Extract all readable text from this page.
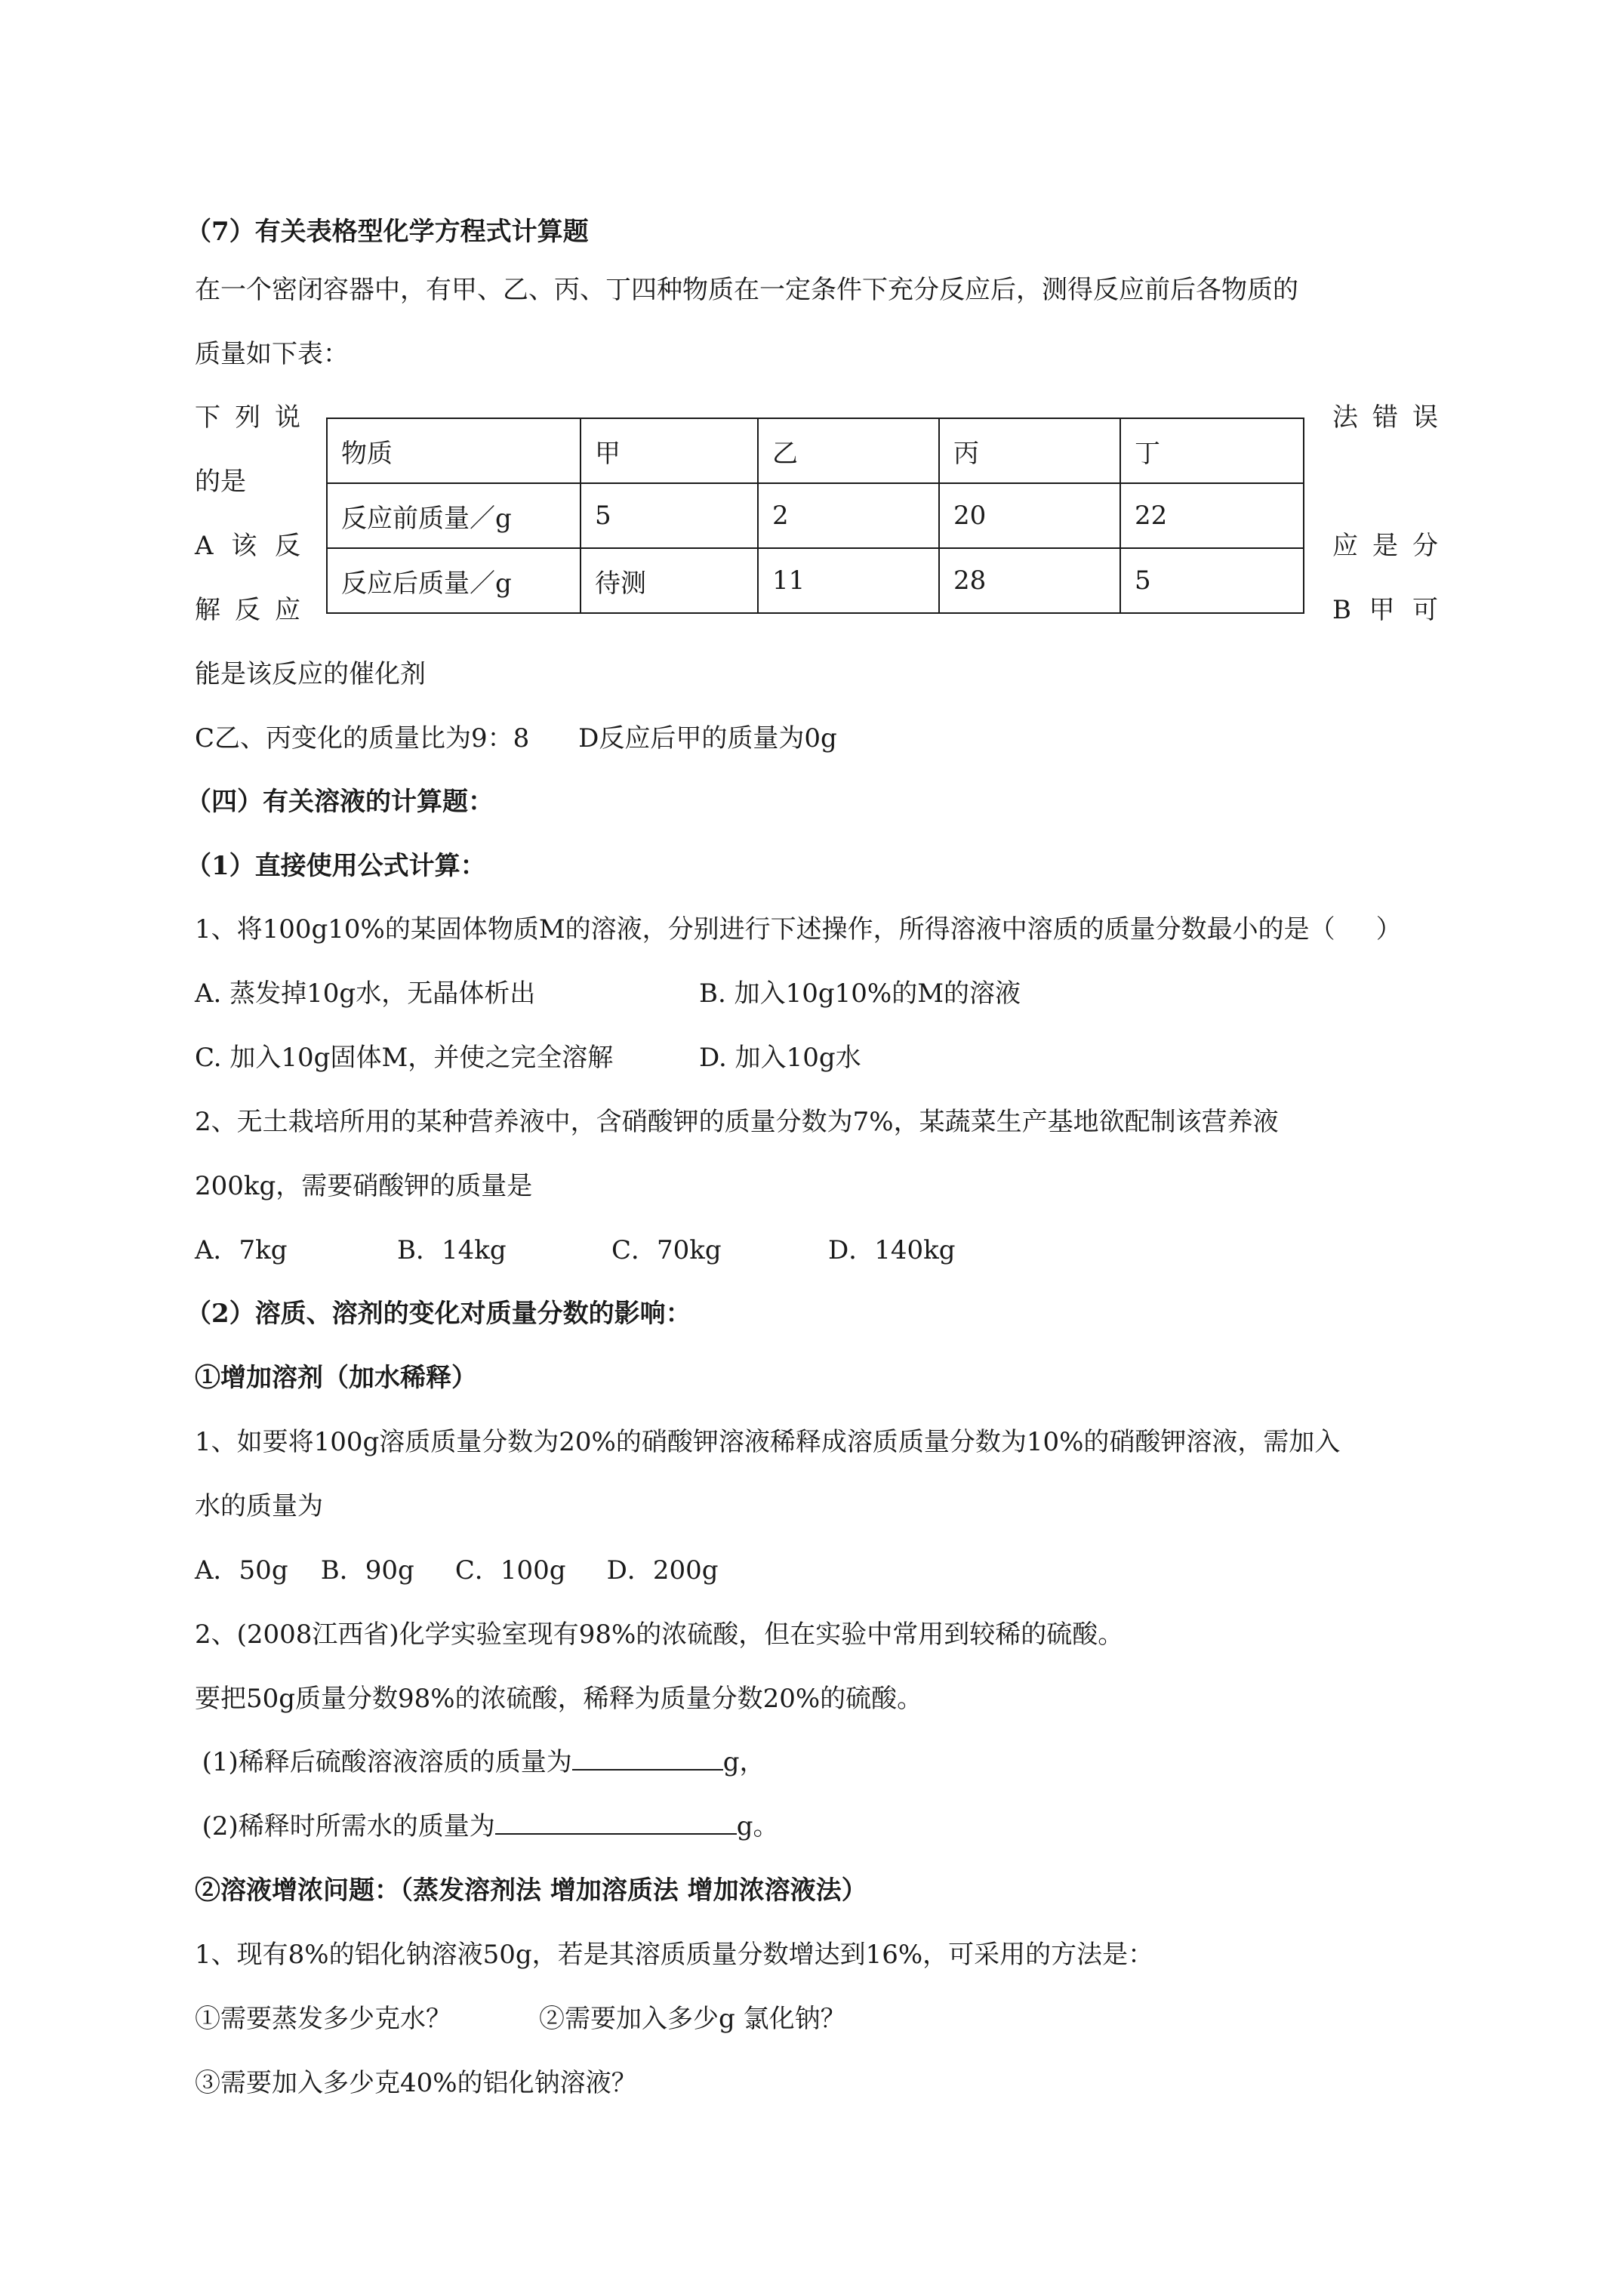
（7）有关表格型化学方程式计算题
在一个密闭容器中，有甲、乙、丙、丁四种物质在一定条件下充分反应后，测得反应前后各物质的
质量如下表：
下 列 说
的是
A 该 反
解 反 应
法 错 误
应 是 分
B 甲 可
物质	甲	乙	丙	丁
反应前质量／g	5	2	20	22
反应后质量／g	待测	11	28	5
能是该反应的催化剂
C乙、丙变化的质量比为9：8      D反应后甲的质量为0g
（四）有关溶液的计算题：
（1）直接使用公式计算：
1、将100g10%的某固体物质M的溶液，分别进行下述操作，所得溶液中溶质的质量分数最小的是（     ）
A. 蒸发掉10g水，无晶体析出	B. 加入10g10%的M的溶液
C. 加入10g固体M，并使之完全溶解	D. 加入10g水
2、无土栽培所用的某种营养液中，含硝酸钾的质量分数为7%，某蔬菜生产基地欲配制该营养液
200kg，需要硝酸钾的质量是
A．7kg	B．14kg	C．70kg	D．140kg
（2）溶质、溶剂的变化对质量分数的影响：
①增加溶剂（加水稀释）
1、如要将100g溶质质量分数为20%的硝酸钾溶液稀释成溶质质量分数为10%的硝酸钾溶液，需加入
水的质量为
A．50g    B．90g     C．100g     D．200g
2、(2008江西省)化学实验室现有98%的浓硫酸，但在实验中常用到较稀的硫酸。
要把50g质量分数98%的浓硫酸，稀释为质量分数20%的硫酸。
(1)稀释后硫酸溶液溶质的质量为	g，
(2)稀释时所需水的质量为	g。
②溶液增浓问题：（蒸发溶剂法 增加溶质法 增加浓溶液法）
1、现有8%的铝化钠溶液50g，若是其溶质质量分数增达到16%，可采用的方法是：
①需要蒸发多少克水？	②需要加入多少g 氯化钠？
③需要加入多少克40%的铝化钠溶液？
